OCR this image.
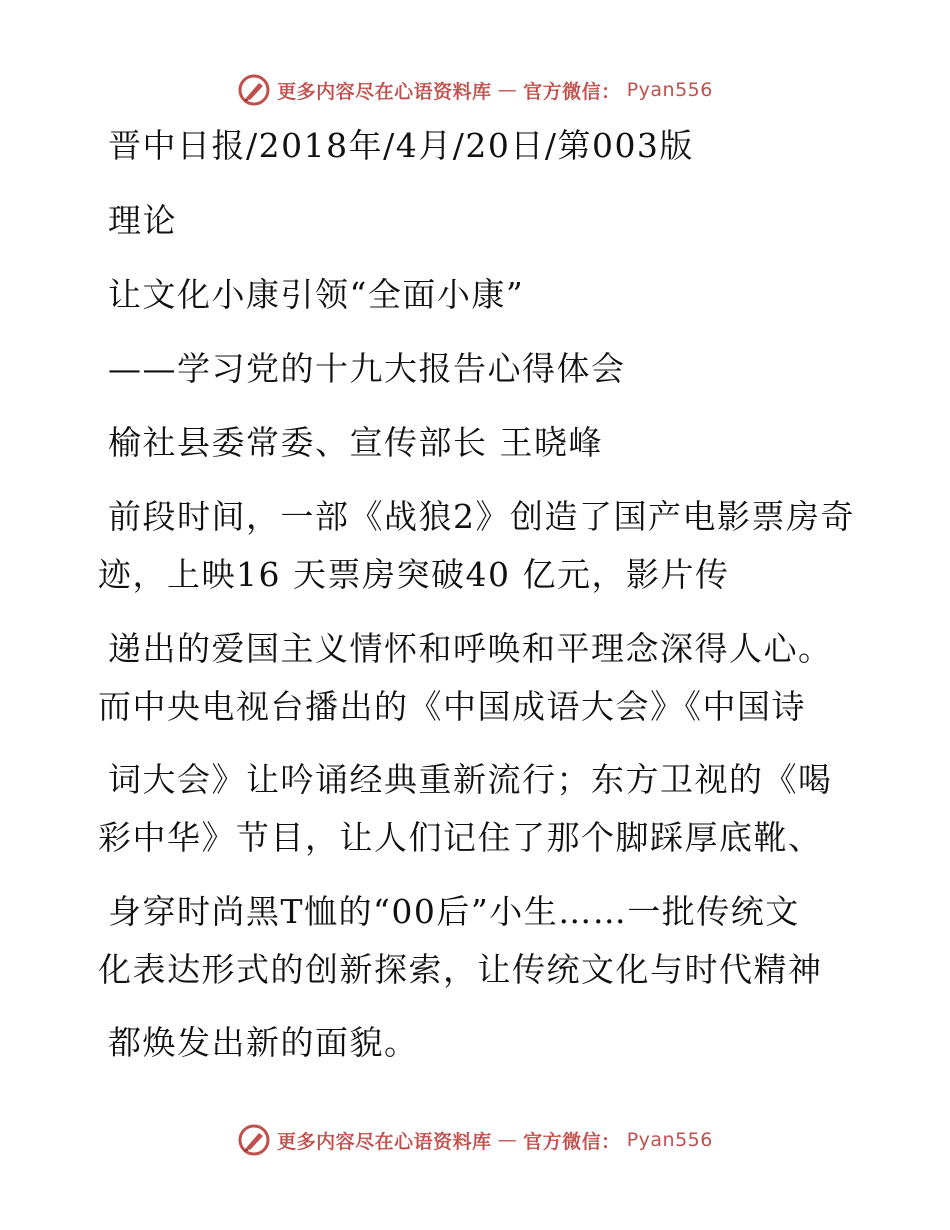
更多内容尽在心语资料库 — 官方微信： Pyan556
晋中日报/2018年/4月/20日/第003版
理论
让文化小康引领“全面小康”
——学习党的十九大报告心得体会
榆社县委常委、宣传部长 王晓峰
前段时间，一部《战狼2》创造了国产电影票房奇
迹，上映16 天票房突破40 亿元，影片传
递出的爱国主义情怀和呼唤和平理念深得人心。
而中央电视台播出的《中国成语大会》《中国诗
词大会》让吟诵经典重新流行；东方卫视的《喝
彩中华》节目，让人们记住了那个脚踩厚底靴、
身穿时尚黑T恤的“00后”小生……一批传统文
化表达形式的创新探索，让传统文化与时代精神
都焕发出新的面貌。
更多内容尽在心语资料库 — 官方微信： Pyan556
